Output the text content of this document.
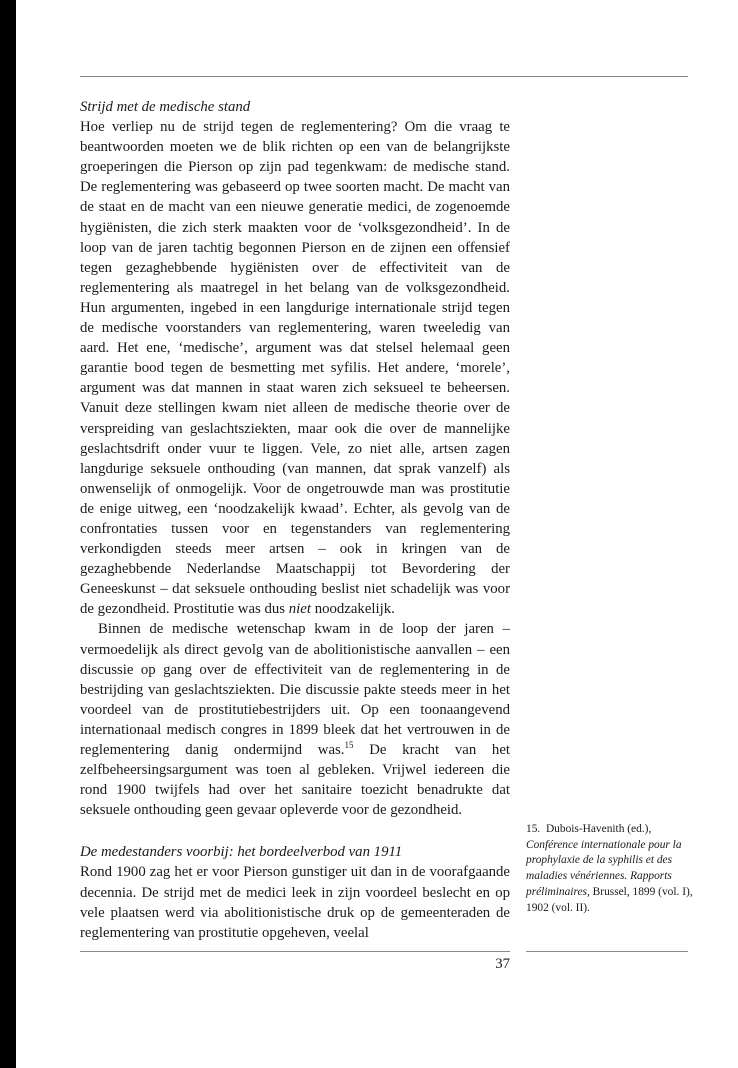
Strijd met de medische stand

Hoe verliep nu de strijd tegen de reglementering? Om die vraag te beantwoorden moeten we de blik richten op een van de belangrijkste groeperingen die Pierson op zijn pad tegenkwam: de medische stand. De reglementering was gebaseerd op twee soorten macht. De macht van de staat en de macht van een nieuwe generatie medici, de zogenoemde hygiënisten, die zich sterk maakten voor de ‘volksgezondheid’. In de loop van de jaren tachtig begonnen Pierson en de zijnen een offensief tegen gezaghebbende hygiënisten over de effectiviteit van de reglementering als maatregel in het belang van de volksgezondheid. Hun argumenten, ingebed in een langdurige internationale strijd tegen de medische voorstanders van reglementering, waren tweeledig van aard. Het ene, ‘medische’, argument was dat stelsel helemaal geen garantie bood tegen de besmetting met syfilis. Het andere, ‘morele’, argument was dat mannen in staat waren zich seksueel te beheersen. Vanuit deze stellingen kwam niet alleen de medische theorie over de verspreiding van geslachtsziekten, maar ook die over de mannelijke geslachtsdrift onder vuur te liggen. Vele, zo niet alle, artsen zagen langdurige seksuele onthouding (van mannen, dat sprak vanzelf) als onwenselijk of onmogelijk. Voor de ongetrouwde man was prostitutie de enige uitweg, een ‘noodzakelijk kwaad’. Echter, als gevolg van de confrontaties tussen voor en tegenstanders van reglementering verkondigden steeds meer artsen – ook in kringen van de gezaghebbende Nederlandse Maatschappij tot Bevordering der Geneeskunst – dat seksuele onthouding beslist niet schadelijk was voor de gezondheid. Prostitutie was dus niet noodzakelijk.

Binnen de medische wetenschap kwam in de loop der jaren – vermoedelijk als direct gevolg van de abolitionistische aanvallen – een discussie op gang over de effectiviteit van de reglementering in de bestrijding van geslachtsziekten. Die discussie pakte steeds meer in het voordeel van de prostitutiebestrijders uit. Op een toonaangevend internationaal medisch congres in 1899 bleek dat het vertrouwen in de reglementering danig ondermijnd was.$^{15}$ De kracht van het zelfbeheersingsargument was toen al gebleken. Vrijwel iedereen die rond 1900 twijfels had over het sanitaire toezicht benadrukte dat seksuele onthouding geen gevaar opleverde voor de gezondheid.

De medestanders voorbij: het bordeelverbod van 1911

Rond 1900 zag het er voor Pierson gunstiger uit dan in de voorafgaande decennia. De strijd met de medici leek in zijn voordeel beslecht en op vele plaatsen werd via abolitionistische druk op de gemeenteraden de reglementering van prostitutie opgeheven, veelal

15. Dubois-Havenith (ed.), Conférence internationale pour la prophylaxie de la syphilis et des maladies vénériennes. Rapports préliminaires, Brussel, 1899 (vol. I), 1902 (vol. II).
37
